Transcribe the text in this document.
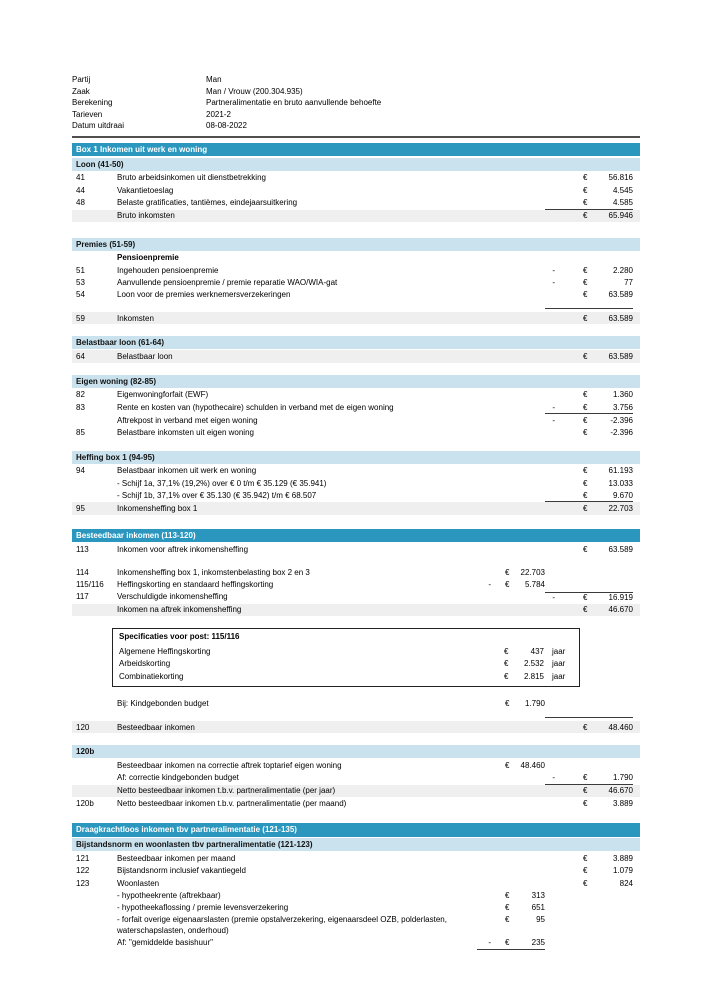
Partij	Man
Zaak	Man / Vrouw (200.304.935)
Berekening	Partneralimentatie en bruto aanvullende behoefte
Tarieven	2021-2
Datum uitdraai	08-08-2022
Box 1 Inkomen uit werk en woning
Loon (41-50)
41	Bruto arbeidsinkomen uit dienstbetrekking	€	56.816
44	Vakantietoeslag	€	4.545
48	Belaste gratificaties, tantièmes, eindejaarsuitkering	€	4.585
Bruto inkomsten	€	65.946
Premies (51-59)
Pensioenpremie
51	Ingehouden pensioenpremie	-	€	2.280
53	Aanvullende pensioenpremie / premie reparatie WAO/WIA-gat	-	€	77
54	Loon voor de premies werknemersverzekeringen	€	63.589
59	Inkomsten	€	63.589
Belastbaar loon (61-64)
64	Belastbaar loon	€	63.589
Eigen woning (82-85)
82	Eigenwoningforfait (EWF)	€	1.360
83	Rente en kosten van (hypothecaire) schulden in verband met de eigen woning	-	€	3.756
Aftrekpost in verband met eigen woning	-	€	-2.396
85	Belastbare inkomsten uit eigen woning	€	-2.396
Heffing box 1 (94-95)
94	Belastbaar inkomen uit werk en woning	€	61.193
- Schijf 1a, 37,1% (19,2%) over € 0 t/m € 35.129 (€ 35.941)	€	13.033
- Schijf 1b, 37,1% over € 35.130 (€ 35.942) t/m € 68.507	€	9.670
95	Inkomensheffing box 1	€	22.703
Besteedbaar inkomen (113-120)
113	Inkomen voor aftrek inkomensheffing	€	63.589
114	Inkomensheffing box 1, inkomstenbelasting box 2 en 3	€	22.703
115/116	Heffingskorting en standaard heffingskorting	-	€	5.784
117	Verschuldigde inkomensheffing	-	€	16.919
Inkomen na aftrek inkomensheffing	€	46.670
Specificaties voor post: 115/116
Algemene Heffingskorting	€	437	jaar
Arbeidskorting	€	2.532	jaar
Combinatiekorting	€	2.815	jaar
Bij: Kindgebonden budget	€	1.790
120	Besteedbaar inkomen	€	48.460
120b
Besteedbaar inkomen na correctie aftrek toptarief eigen woning	€	48.460
Af: correctie kindgebonden budget	-	€	1.790
Netto besteedbaar inkomen t.b.v. partneralimentatie (per jaar)	€	46.670
120b	Netto besteedbaar inkomen t.b.v. partneralimentatie (per maand)	€	3.889
Draagkrachtloos inkomen tbv partneralimentatie (121-135)
Bijstandsnorm en woonlasten tbv partneralimentatie (121-123)
121	Besteedbaar inkomen per maand	€	3.889
122	Bijstandsnorm inclusief vakantiegeld	€	1.079
123	Woonlasten	€	824
- hypotheekrente (aftrekbaar)	€	313
- hypotheekaflossing / premie levensverzekering	€	651
- forfait overige eigenaarslasten (premie opstalverzekering, eigenaarsdeel OZB, polderlasten, waterschapslasten, onderhoud)
€	95
Af: "gemiddelde basishuur"	-	€	235
